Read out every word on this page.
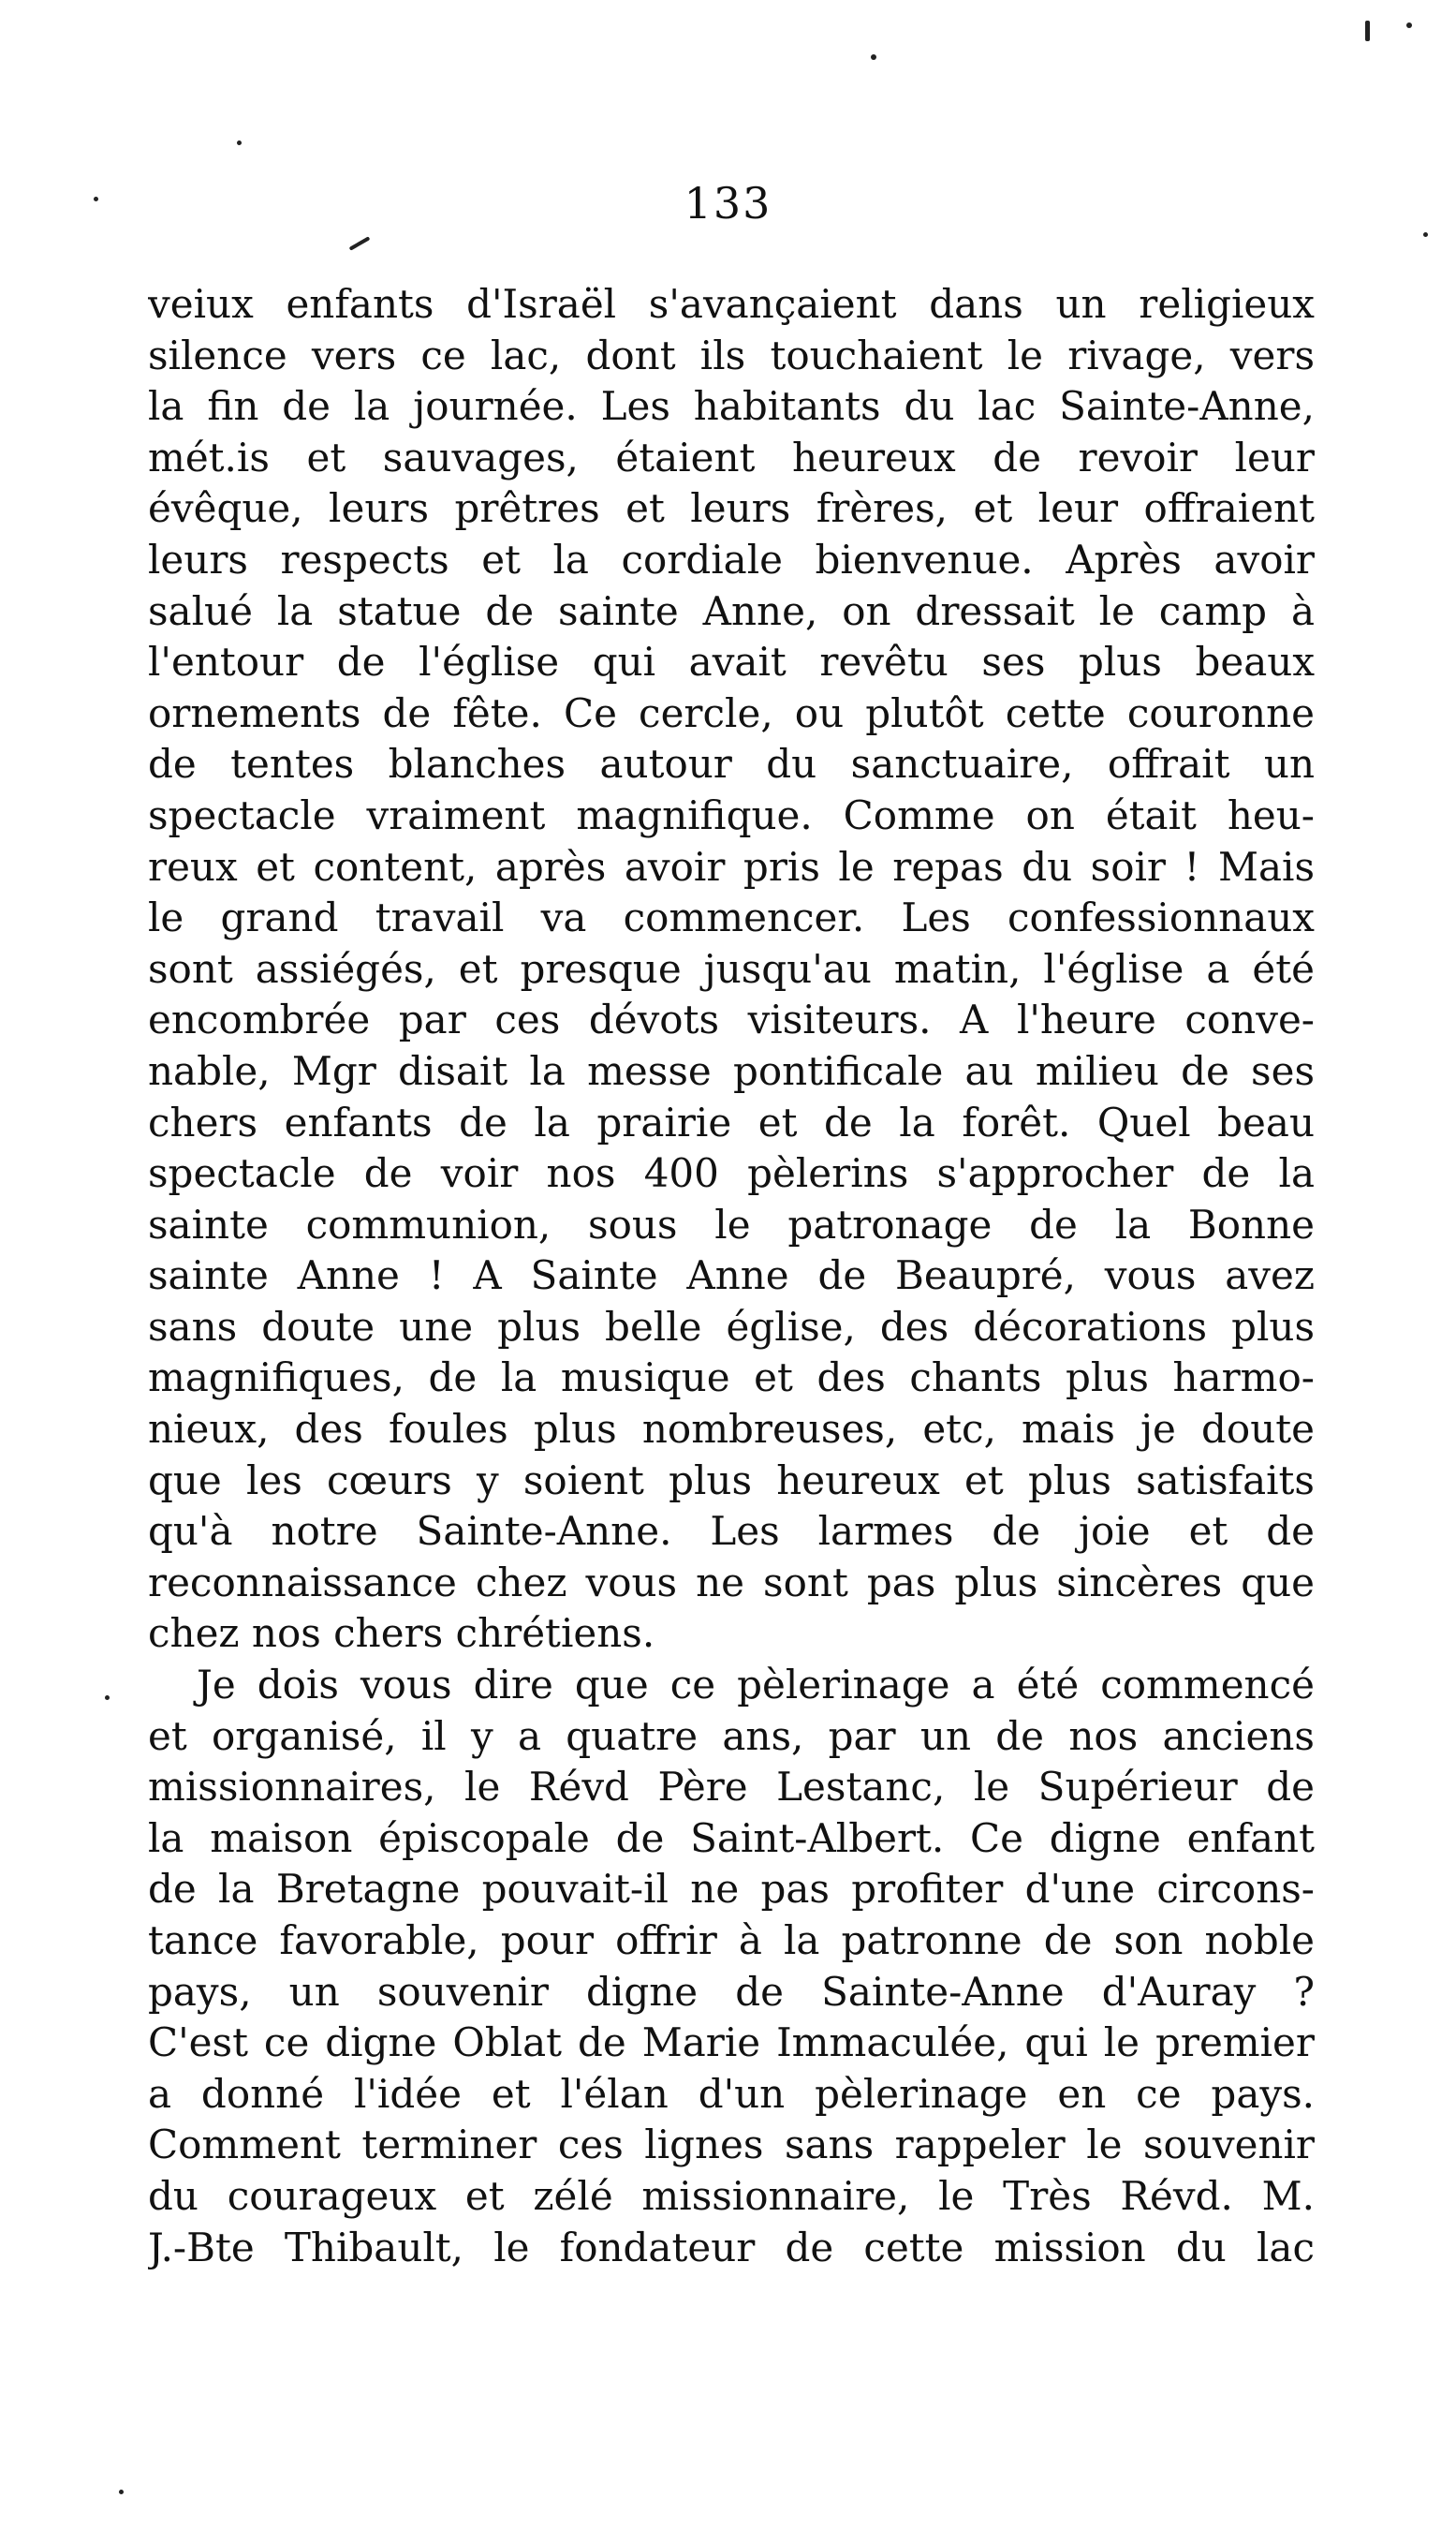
133
veiux enfants d'Israël s'avançaient dans un religieux
silence vers ce lac, dont ils touchaient le rivage, vers
la fin de la journée. Les habitants du lac Sainte-Anne,
mét.is et sauvages, étaient heureux de revoir leur
évêque, leurs prêtres et leurs frères, et leur offraient
leurs respects et la cordiale bienvenue. Après avoir
salué la statue de sainte Anne, on dressait le camp à
l'entour de l'église qui avait revêtu ses plus beaux
ornements de fête. Ce cercle, ou plutôt cette couronne
de tentes blanches autour du sanctuaire, offrait un
spectacle vraiment magnifique. Comme on était heu-
reux et content, après avoir pris le repas du soir ! Mais
le grand travail va commencer. Les confessionnaux
sont assiégés, et presque jusqu'au matin, l'église a été
encombrée par ces dévots visiteurs. A l'heure conve-
nable, Mgr disait la messe pontificale au milieu de ses
chers enfants de la prairie et de la forêt. Quel beau
spectacle de voir nos 400 pèlerins s'approcher de la
sainte communion, sous le patronage de la Bonne
sainte Anne ! A Sainte Anne de Beaupré, vous avez
sans doute une plus belle église, des décorations plus
magnifiques, de la musique et des chants plus harmo-
nieux, des foules plus nombreuses, etc, mais je doute
que les cœurs y soient plus heureux et plus satisfaits
qu'à notre Sainte-Anne. Les larmes de joie et de
reconnaissance chez vous ne sont pas plus sincères que
chez nos chers chrétiens.
Je dois vous dire que ce pèlerinage a été commencé
et organisé, il y a quatre ans, par un de nos anciens
missionnaires, le Révd Père Lestanc, le Supérieur de
la maison épiscopale de Saint-Albert. Ce digne enfant
de la Bretagne pouvait-il ne pas profiter d'une circons-
tance favorable, pour offrir à la patronne de son noble
pays, un souvenir digne de Sainte-Anne d'Auray ?
C'est ce digne Oblat de Marie Immaculée, qui le premier a donné l'idée et l'élan d'un pèlerinage en ce pays.
Comment terminer ces lignes sans rappeler le souvenir
du courageux et zélé missionnaire, le Très Révd. M.
J.-Bte Thibault, le fondateur de cette mission du lac
